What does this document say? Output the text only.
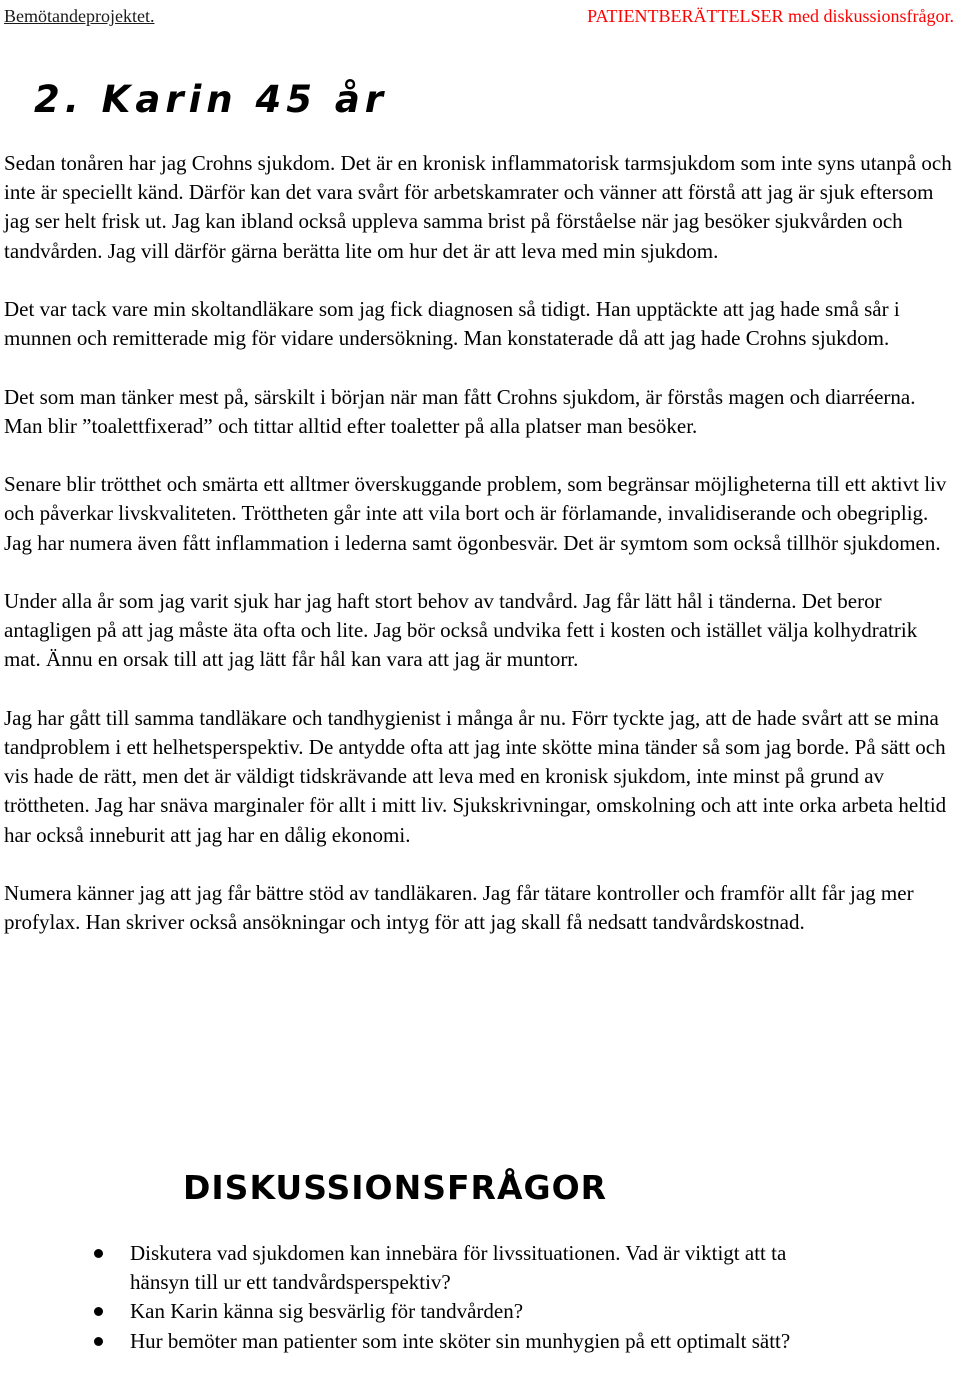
Bemötandeprojektet.	PATIENTBERÄTTELSER med diskussionsfrågor.
2. Karin 45 år

Sedan tonåren har jag Crohns sjukdom. Det är en kronisk inflammatorisk tarmsjukdom som inte syns utanpå och inte är speciellt känd. Därför kan det vara svårt för arbetskamrater och vänner att förstå att jag är sjuk eftersom jag ser helt frisk ut. Jag kan ibland också uppleva samma brist på förståelse när jag besöker sjukvården och tandvården. Jag vill därför gärna berätta lite om hur det är att leva med min sjukdom.

Det var tack vare min skoltandläkare som jag fick diagnosen så tidigt. Han upptäckte att jag hade små sår i munnen och remitterade mig för vidare undersökning. Man konstaterade då att jag hade Crohns sjukdom.

Det som man tänker mest på, särskilt i början när man fått Crohns sjukdom, är förstås magen och diarréerna. Man blir ”toalettfixerad” och tittar alltid efter toaletter på alla platser man besöker.

Senare blir trötthet och smärta ett alltmer överskuggande problem, som begränsar möjligheterna till ett aktivt liv och påverkar livskvaliteten. Tröttheten går inte att vila bort och är förlamande, invalidiserande och obegriplig. Jag har numera även fått inflammation i lederna samt ögonbesvär. Det är symtom som också tillhör sjukdomen.

Under alla år som jag varit sjuk har jag haft stort behov av tandvård. Jag får lätt hål i tänderna. Det beror antagligen på att jag måste äta ofta och lite. Jag bör också undvika fett i kosten och istället välja kolhydratrik mat. Ännu en orsak till att jag lätt får hål kan vara att jag är muntorr.

Jag har gått till samma tandläkare och tandhygienist i många år nu. Förr tyckte jag, att de hade svårt att se mina tandproblem i ett helhetsperspektiv. De antydde ofta att jag inte skötte mina tänder så som jag borde. På sätt och vis hade de rätt, men det är väldigt tidskrävande att leva med en kronisk sjukdom, inte minst på grund av tröttheten. Jag har snäva marginaler för allt i mitt liv. Sjukskrivningar, omskolning och att inte orka arbeta heltid har också inneburit att jag har en dålig ekonomi.

Numera känner jag att jag får bättre stöd av tandläkaren. Jag får tätare kontroller och framför allt får jag mer profylax. Han skriver också ansökningar och intyg för att jag skall få nedsatt tandvårdskostnad.

DISKUSSIONSFRÅGOR
Diskutera vad sjukdomen kan innebära för livssituationen. Vad är viktigt att ta hänsyn till ur ett tandvårdsperspektiv?
Kan Karin känna sig besvärlig för tandvården?
Hur bemöter man patienter som inte sköter sin munhygien på ett optimalt sätt?
